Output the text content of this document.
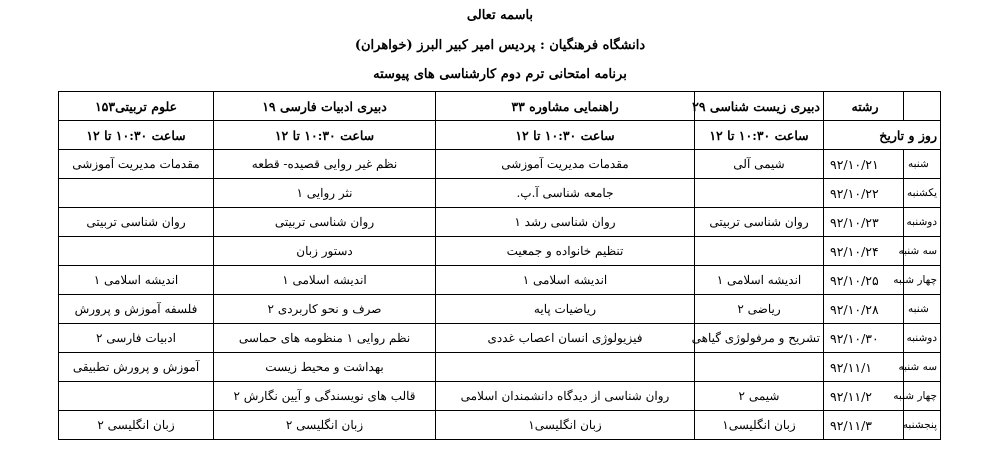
باسمه تعالی
دانشگاه فرهنگیان : پردیس امیر کبیر البرز (خواهران)
برنامه امتحانی ترم دوم کارشناسی های پیوسته
	رشته	دبیری زیست شناسی ۲۹	راهنمایی مشاوره ۳۳	دبیری ادبیات فارسی ۱۹	علوم تربیتی۱۵۳
روز و تاریخ		ساعت ۱۰:۳۰ تا ۱۲	ساعت ۱۰:۳۰ تا ۱۲	ساعت ۱۰:۳۰ تا ۱۲	ساعت ۱۰:۳۰ تا ۱۲
شنبه	۹۲/۱۰/۲۱	شیمی آلی	مقدمات مدیریت آموزشی	نظم غیر روایی قصیده- قطعه	مقدمات مدیریت آموزشی
یکشنبه	۹۲/۱۰/۲۲		جامعه شناسی آ.پ.	نثر روایی ۱	
دوشنبه	۹۲/۱۰/۲۳	روان شناسی تربیتی	روان شناسی رشد ۱	روان شناسی تربیتی	روان شناسی تربیتی
سه شنبه	۹۲/۱۰/۲۴		تنظیم خانواده و جمعیت	دستور زبان	
چهار شنبه	۹۲/۱۰/۲۵	اندیشه اسلامی ۱	اندیشه اسلامی ۱	اندیشه اسلامی ۱	اندیشه اسلامی ۱
شنبه	۹۲/۱۰/۲۸	ریاضی ۲	ریاضیات پایه	صرف و نحو کاربردی ۲	فلسفه آموزش و پرورش
دوشنبه	۹۲/۱۰/۳۰	تشریح و مرفولوژی گیاهی	فیزیولوژی انسان اعصاب غددی	نظم روایی ۱ منظومه های حماسی	ادبیات فارسی ۲
سه شنبه	۹۲/۱۱/۱			بهداشت و محیط زیست	آموزش و پرورش تطبیقی
چهار شنبه	۹۲/۱۱/۲	شیمی ۲	روان شناسی از دیدگاه دانشمندان اسلامی	قالب های نویسندگی و آیین نگارش ۲	
پنجشنبه	۹۲/۱۱/۳	زبان انگلیسی۱	زبان انگلیسی۱	زبان انگلیسی ۲	زبان انگلیسی ۲
